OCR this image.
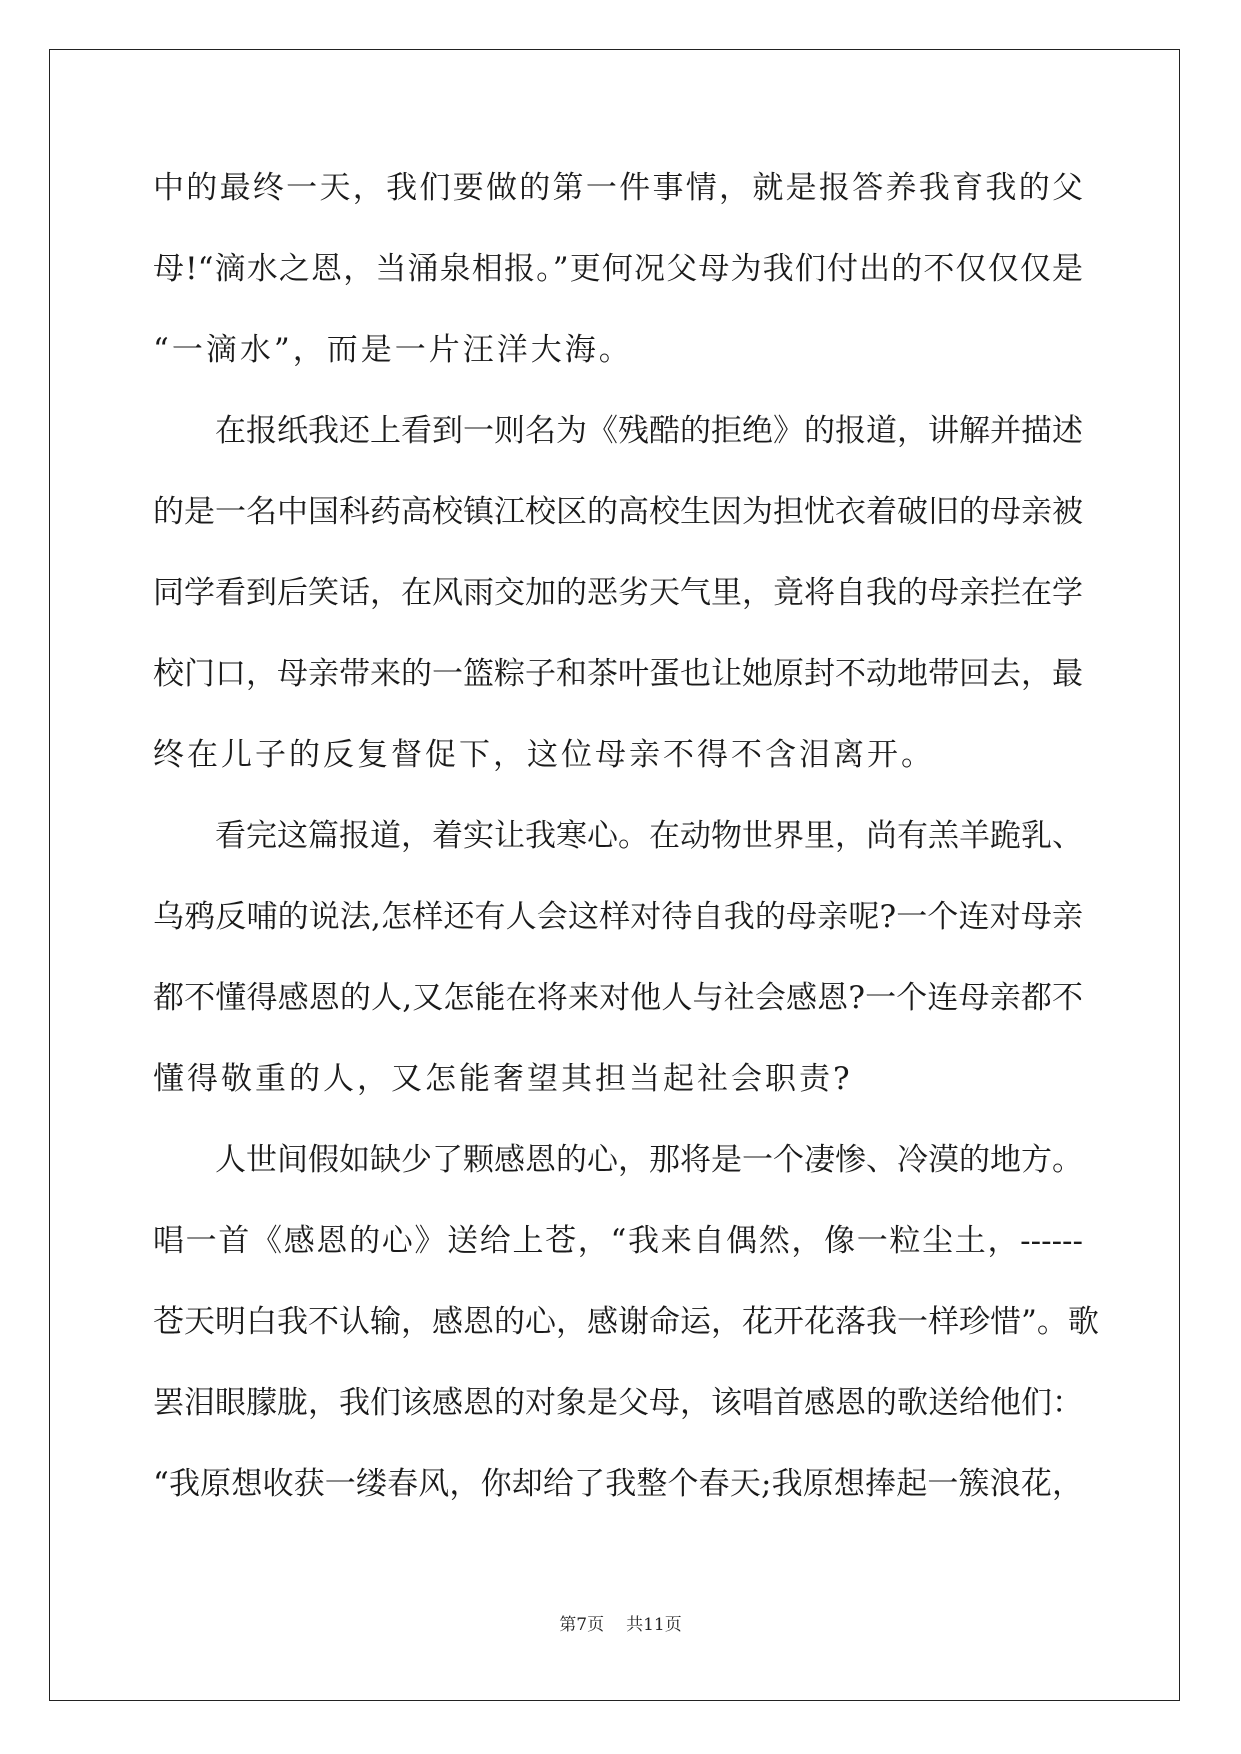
中的最终一天，我们要做的第一件事情，就是报答养我育我的父
母!“滴水之恩，当涌泉相报。”更何况父母为我们付出的不仅仅仅是
“一滴水”，而是一片汪洋大海。
在报纸我还上看到一则名为《残酷的拒绝》的报道，讲解并描述
的是一名中国科药高校镇江校区的高校生因为担忧衣着破旧的母亲被
同学看到后笑话，在风雨交加的恶劣天气里，竟将自我的母亲拦在学
校门口，母亲带来的一篮粽子和茶叶蛋也让她原封不动地带回去，最
终在儿子的反复督促下，这位母亲不得不含泪离开。
看完这篇报道，着实让我寒心。在动物世界里，尚有羔羊跪乳、
乌鸦反哺的说法,怎样还有人会这样对待自我的母亲呢?一个连对母亲
都不懂得感恩的人,又怎能在将来对他人与社会感恩?一个连母亲都不
懂得敬重的人，又怎能奢望其担当起社会职责?
人世间假如缺少了颗感恩的心，那将是一个凄惨、冷漠的地方。
唱一首《感恩的心》送给上苍，“我来自偶然，像一粒尘土，------
苍天明白我不认输，感恩的心，感谢命运，花开花落我一样珍惜”。歌
罢泪眼朦胧，我们该感恩的对象是父母，该唱首感恩的歌送给他们：
“我原想收获一缕春风，你却给了我整个春天;我原想捧起一簇浪花，
第7页 共11页
